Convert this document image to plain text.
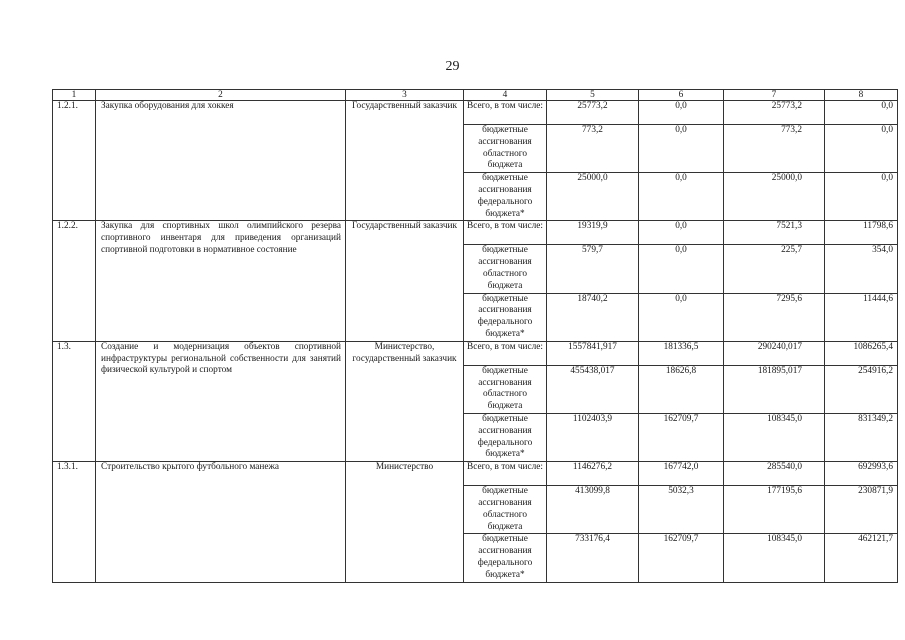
29
1	2	3	4	5	6	7	8
1.2.1.	Закупка оборудования для хоккея	Государственный заказчик	Всего, в том числе:	25773,2	0,0	25773,2	0,0
			бюджетные ассигнования областного бюджета	773,2	0,0	773,2	0,0
			бюджетные ассигнования федерального бюджета*	25000,0	0,0	25000,0	0,0
1.2.2.	Закупка для спортивных школ олимпийского резерва спортивного инвентаря для приведения организаций спортивной подготовки в нормативное состояние	Государственный заказчик	Всего, в том числе:	19319,9	0,0	7521,3	11798,6
			бюджетные ассигнования областного бюджета	579,7	0,0	225,7	354,0
			бюджетные ассигнования федерального бюджета*	18740,2	0,0	7295,6	11444,6
1.3.	Создание и модернизация объектов спортивной инфраструктуры региональной собственности для занятий физической культурой и спортом	Министерство, государственный заказчик	Всего, в том числе:	1557841,917	181336,5	290240,017	1086265,4
			бюджетные ассигнования областного бюджета	455438,017	18626,8	181895,017	254916,2
			бюджетные ассигнования федерального бюджета*	1102403,9	162709,7	108345,0	831349,2
1.3.1.	Строительство крытого футбольного манежа	Министерство	Всего, в том числе:	1146276,2	167742,0	285540,0	692993,6
			бюджетные ассигнования областного бюджета	413099,8	5032,3	177195,6	230871,9
			бюджетные ассигнования федерального бюджета*	733176,4	162709,7	108345,0	462121,7
